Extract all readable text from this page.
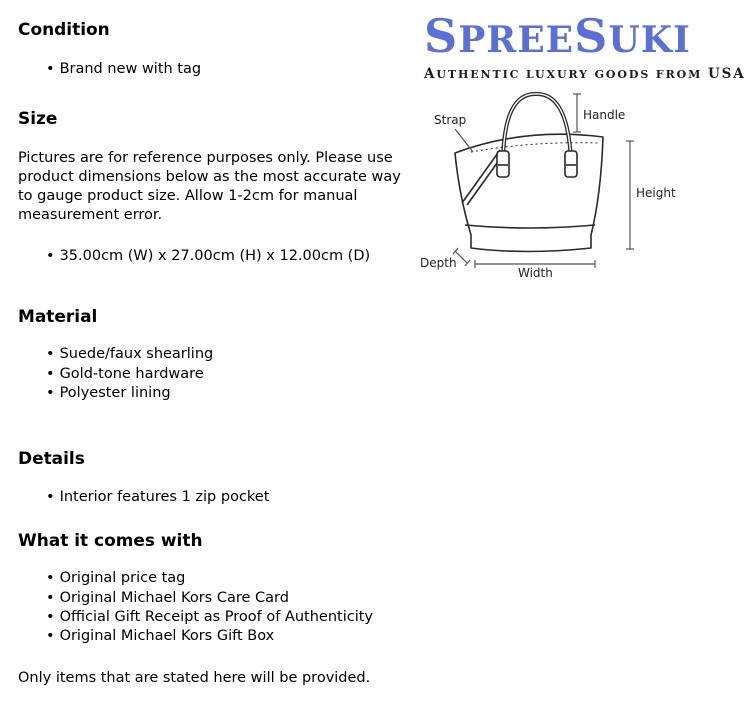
Condition
• Brand new with tag
Size

Pictures are for reference purposes only. Please use product dimensions below as the most accurate way to gauge product size. Allow 1-2cm for manual measurement error.

• 35.00cm (W) x 27.00cm (H) x 12.00cm (D)
Material
• Suede/faux shearling
• Gold-tone hardware
• Polyester lining
Details
• Interior features 1 zip pocket
What it comes with
• Original price tag
• Original Michael Kors Care Card
• Official Gift Receipt as Proof of Authenticity
• Original Michael Kors Gift Box

Only items that are stated here will be provided.

SPREESUKI
AUTHENTIC LUXURY GOODS FROM USA
Strap	Handle
Height
Depth
Width
